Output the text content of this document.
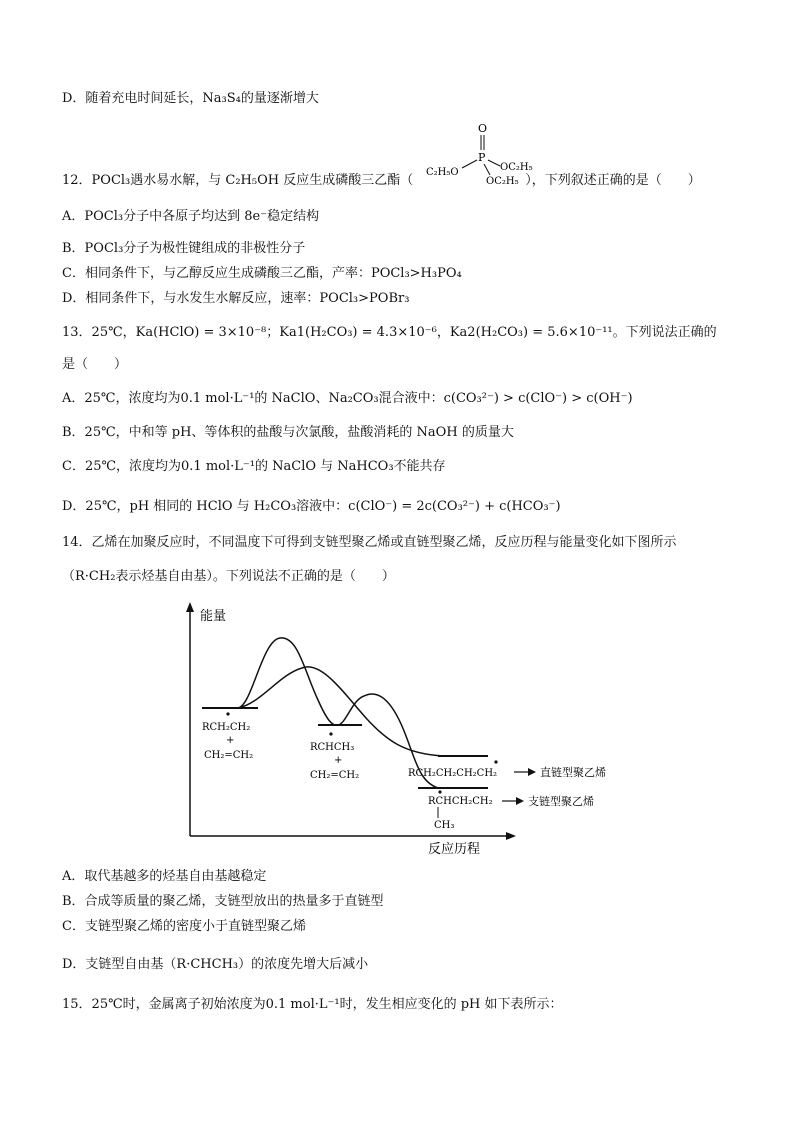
D．随着充电时间延长，Na₃S₄的量逐渐增大
12．POCl₃遇水易水解，与 C₂H₅OH 反应生成磷酸三乙酯（	），下列叙述正确的是（　　）
O
P
C₂H₅O	OC₂H₅
OC₂H₅
A．POCl₃分子中各原子均达到 8e⁻稳定结构
B．POCl₃分子为极性键组成的非极性分子
C．相同条件下，与乙醇反应生成磷酸三乙酯，产率：POCl₃>H₃PO₄
D．相同条件下，与水发生水解反应，速率：POCl₃>POBr₃
13．25℃，Ka(HClO) = 3×10⁻⁸；Ka1(H₂CO₃) = 4.3×10⁻⁶，Ka2(H₂CO₃) = 5.6×10⁻¹¹。下列说法正确的
是（　　）
A．25℃，浓度均为0.1 mol·L⁻¹的 NaClO、Na₂CO₃混合液中：c(CO₃²⁻) > c(ClO⁻) > c(OH⁻)
B．25℃，中和等 pH、等体积的盐酸与次氯酸，盐酸消耗的 NaOH 的质量大
C．25℃，浓度均为0.1 mol·L⁻¹的 NaClO 与 NaHCO₃不能共存
D．25℃，pH 相同的 HClO 与 H₂CO₃溶液中：c(ClO⁻) = 2c(CO₃²⁻) + c(HCO₃⁻)
14．乙烯在加聚反应时，不同温度下可得到支链型聚乙烯或直链型聚乙烯，反应历程与能量变化如下图所示
（R·CH₂表示烃基自由基）。下列说法不正确的是（　　）
能量
反应历程
RCH₂CH₂
+
CH₂=CH₂
RCHCH₃
+
CH₂=CH₂	RCH₂CH₂CH₂CH₂
RCHCH₂CH₂
CH₃
直链型聚乙烯
支链型聚乙烯
A．取代基越多的烃基自由基越稳定
B．合成等质量的聚乙烯，支链型放出的热量多于直链型
C．支链型聚乙烯的密度小于直链型聚乙烯
D．支链型自由基（R·CHCH₃）的浓度先增大后减小
15．25℃时，金属离子初始浓度为0.1 mol·L⁻¹时，发生相应变化的 pH 如下表所示：
